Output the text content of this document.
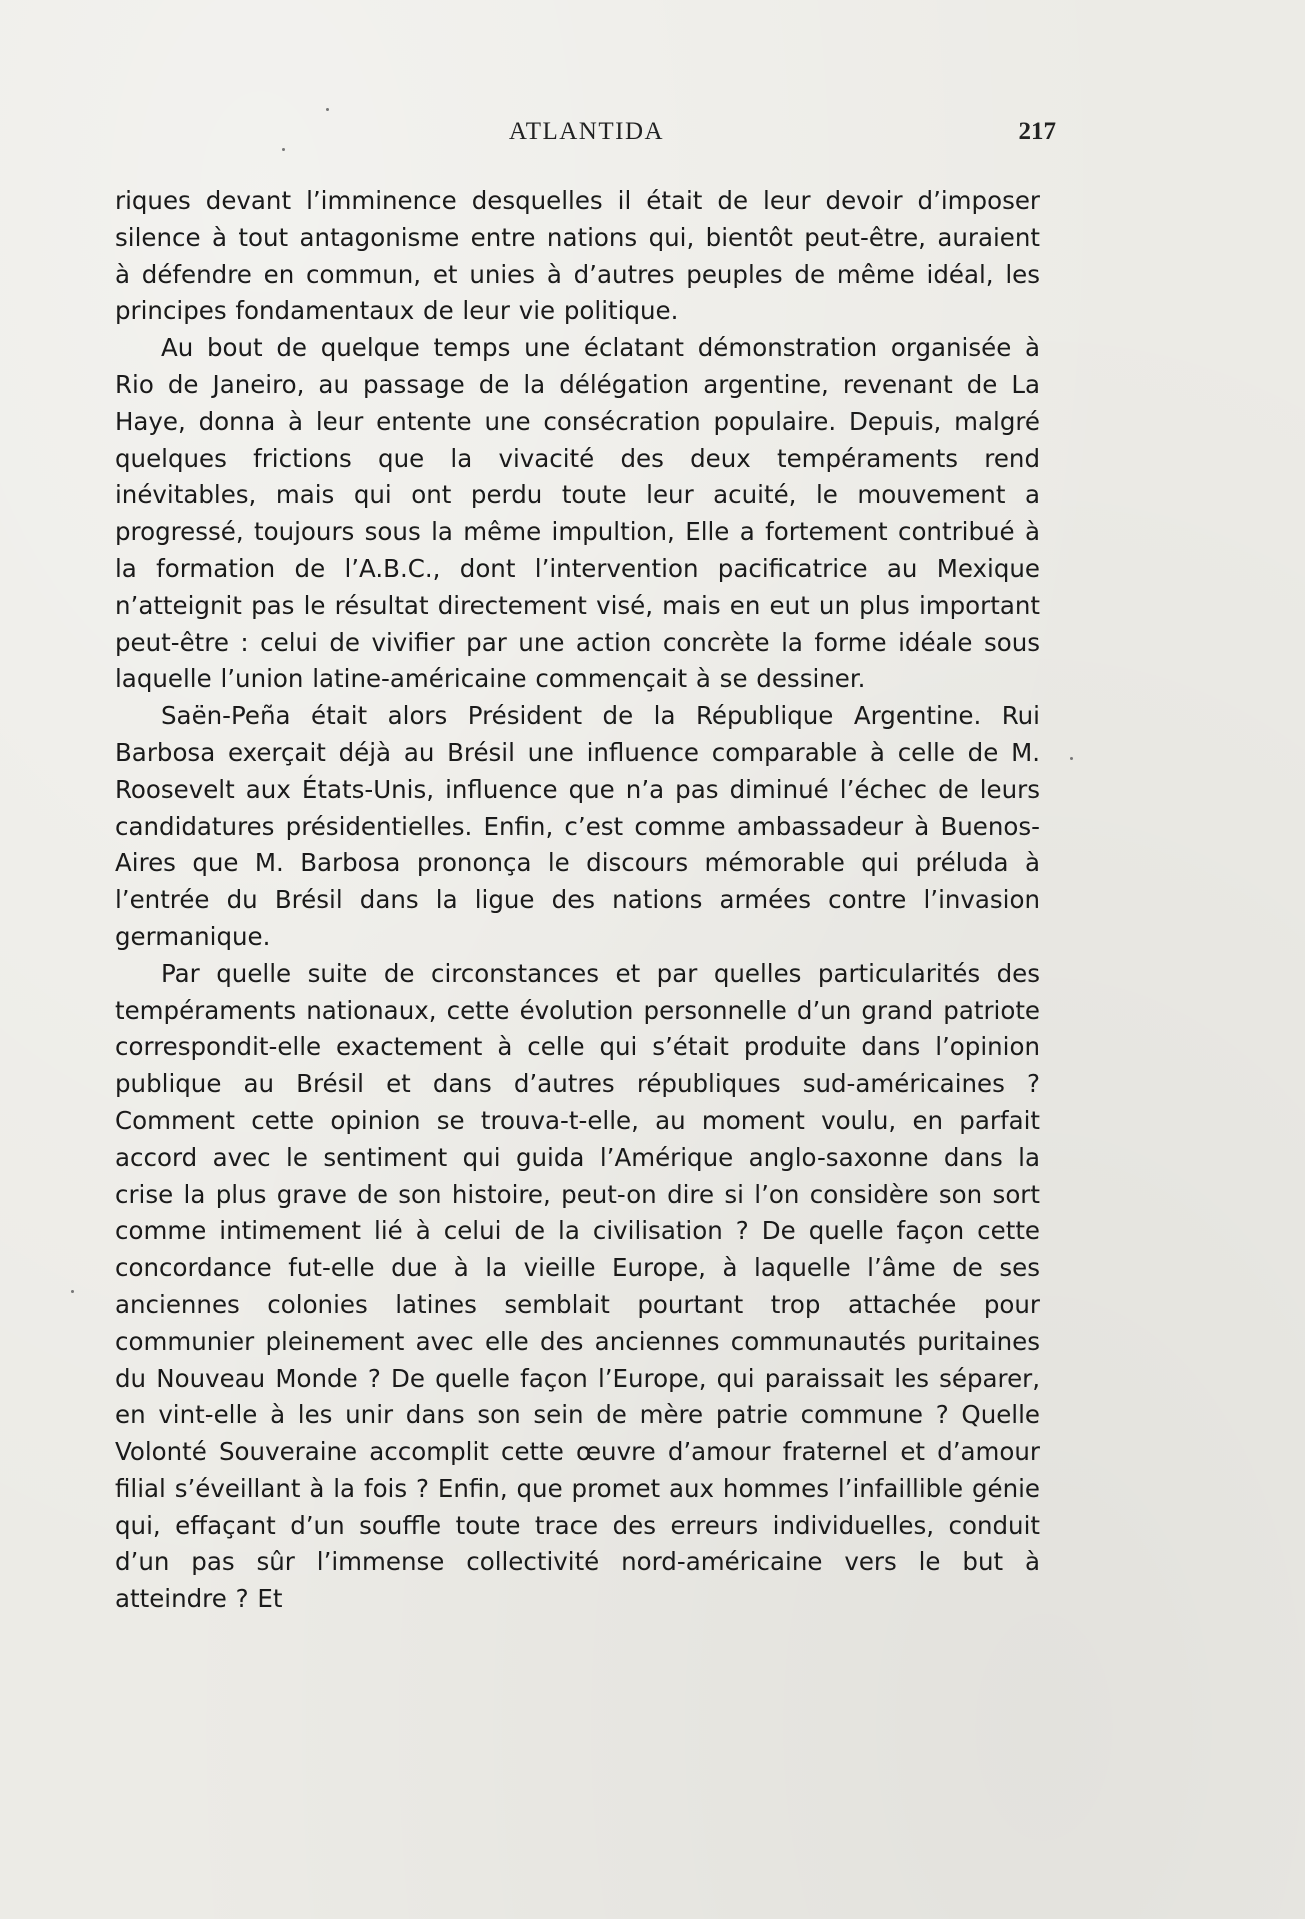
ATLANTIDA	217

riques devant l’imminence desquelles il était de leur devoir d’imposer silence à tout antagonisme entre nations qui, bientôt peut-être, auraient à défendre en commun, et unies à d’autres peuples de même idéal, les principes fondamentaux de leur vie politique.

Au bout de quelque temps une éclatant démonstration organisée à Rio de Janeiro, au passage de la délégation argentine, revenant de La Haye, donna à leur entente une consécration populaire. Depuis, malgré quelques frictions que la vivacité des deux tempéraments rend inévitables, mais qui ont perdu toute leur acuité, le mouvement a progressé, toujours sous la même impultion, Elle a fortement contribué à la formation de l’A.B.C., dont l’intervention pacificatrice au Mexique n’atteignit pas le résultat directement visé, mais en eut un plus important peut-être : celui de vivifier par une action concrète la forme idéale sous laquelle l’union latine-américaine commençait à se dessiner.

Saën-Peña était alors Président de la République Argentine. Rui Barbosa exerçait déjà au Brésil une influence comparable à celle de M. Roosevelt aux États-Unis, influence que n’a pas diminué l’échec de leurs candidatures présidentielles. Enfin, c’est comme ambassadeur à Buenos-Aires que M. Barbosa prononça le discours mémorable qui préluda à l’entrée du Brésil dans la ligue des nations armées contre l’invasion germanique.

Par quelle suite de circonstances et par quelles particularités des tempéraments nationaux, cette évolution personnelle d’un grand patriote correspondit-elle exactement à celle qui s’était produite dans l’opinion publique au Brésil et dans d’autres républiques sud-américaines ? Comment cette opinion se trouva-t-elle, au moment voulu, en parfait accord avec le sentiment qui guida l’Amérique anglo-saxonne dans la crise la plus grave de son histoire, peut-on dire si l’on considère son sort comme intimement lié à celui de la civilisation ? De quelle façon cette concordance fut-elle due à la vieille Europe, à laquelle l’âme de ses anciennes colonies latines semblait pourtant trop attachée pour communier pleinement avec elle des anciennes communautés puritaines du Nouveau Monde ? De quelle façon l’Europe, qui paraissait les séparer, en vint-elle à les unir dans son sein de mère patrie commune ? Quelle Volonté Souveraine accomplit cette œuvre d’amour fraternel et d’amour filial s’éveillant à la fois ? Enfin, que promet aux hommes l’infaillible génie qui, effaçant d’un souffle toute trace des erreurs individuelles, conduit d’un pas sûr l’immense collectivité nord-américaine vers le but à atteindre ? Et
